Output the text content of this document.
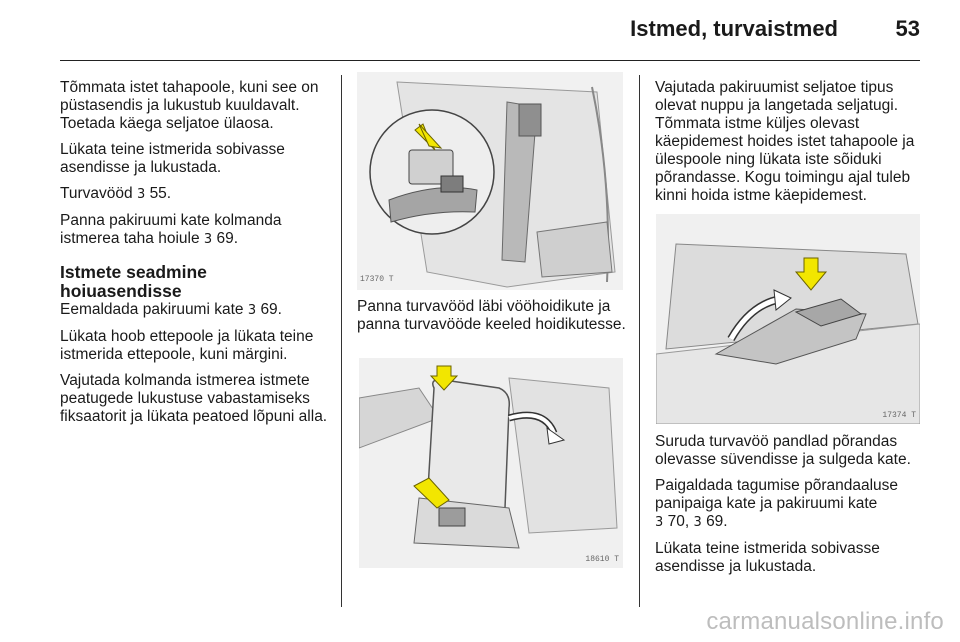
Istmed, turvaistmed	53

Tõmmata istet tahapoole, kuni see on püstasendis ja lukustub kuuldavalt. Toetada käega seljatoe ülaosa.

Lükata teine istmerida sobivasse asendisse ja lukustada.

Turvavööd 3 55.

Panna pakiruumi kate kolmanda istmerea taha hoiule 3 69.

Istmete seadmine
hoiuasendisse

Eemaldada pakiruumi kate 3 69.

Lükata hoob ettepoole ja lükata teine istmerida ettepoole, kuni märgini.

Vajutada kolmanda istmerea istmete peatugede lukustuse vabastamiseks fiksaatorit ja lükata peatoed lõpuni alla.

17370 T

Panna turvavööd läbi vööhoidikute ja panna turvavööde keeled hoidikutesse.

18610 T

Vajutada pakiruumist seljatoe tipus olevat nuppu ja langetada seljatugi. Tõmmata istme küljes olevast käepidemest hoides istet tahapoole ja ülespoole ning lükata iste sõiduki põrandasse. Kogu toimingu ajal tuleb kinni hoida istme käepidemest.

17374 T

Suruda turvavöö pandlad põrandas olevasse süvendisse ja sulgeda kate.

Paigaldada tagumise põrandaaluse panipaiga kate ja pakiruumi kate
3 70, 3 69.

Lükata teine istmerida sobivasse asendisse ja lukustada.

carmanualsonline.info
